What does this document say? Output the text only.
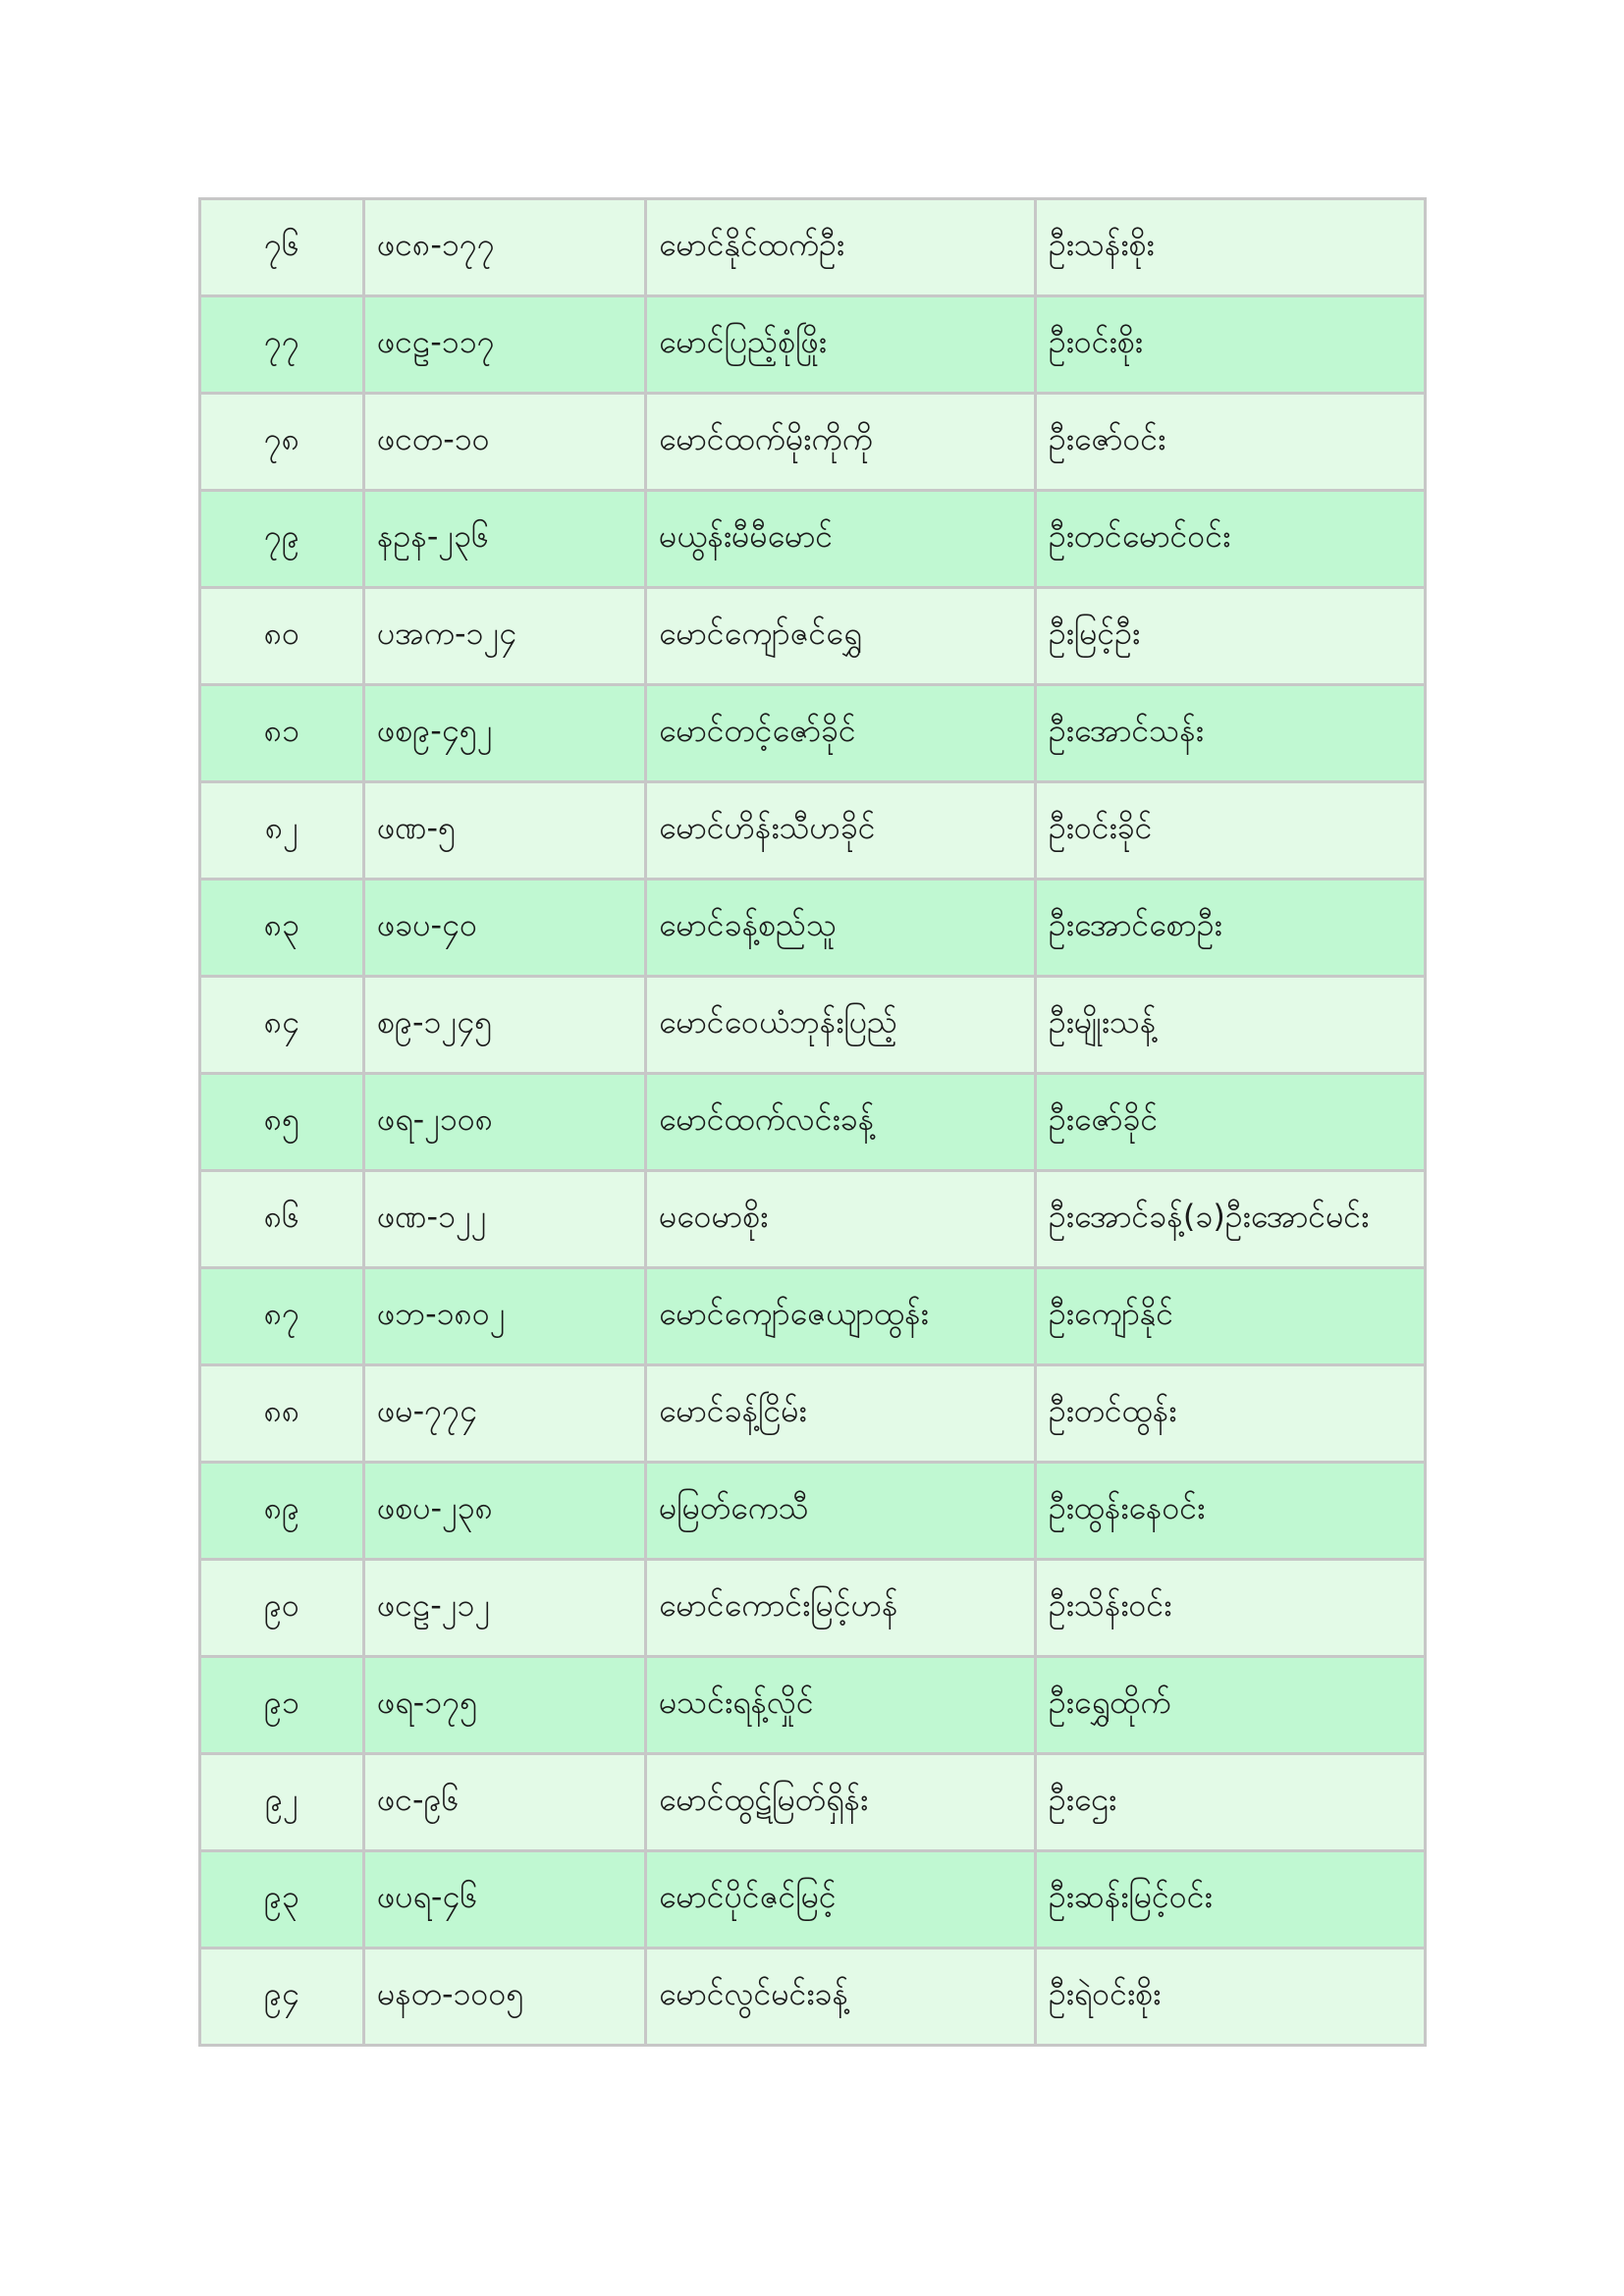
၇၆	ဖင၈-၁၇၇	မောင်နိုင်ထက်ဦး	ဦးသန်းစိုး
၇၇	ဖငဠ-၁၁၇	မောင်ပြည့်စုံဖြိုး	ဦးဝင်းစိုး
၇၈	ဖငတ-၁၀	မောင်ထက်မိုးကိုကို	ဦးဇော်ဝင်း
၇၉	နဥန-၂၃၆	မယွန်းမီမီမောင်	ဦးတင်မောင်ဝင်း
၈၀	ပအက-၁၂၄	မောင်ကျော်ဇင်ရွှေ	ဦးမြင့်ဦး
၈၁	ဖစ၉-၄၅၂	မောင်တင့်ဇော်ခိုင်	ဦးအောင်သန်း
၈၂	ဖဏ-၅	မောင်ဟိန်းသီဟခိုင်	ဦးဝင်းခိုင်
၈၃	ဖခပ-၄၀	မောင်ခန့်စည်သူ	ဦးအောင်စောဦး
၈၄	စ၉-၁၂၄၅	မောင်ဝေယံဘုန်းပြည့်	ဦးမျိုးသန့်
၈၅	ဖရ-၂၁၀၈	မောင်ထက်လင်းခန့်	ဦးဇော်ခိုင်
၈၆	ဖဏ-၁၂၂	မဝေမာစိုး	ဦးအောင်ခန့်(ခ)ဦးအောင်မင်း
၈၇	ဖဘ-၁၈၀၂	မောင်ကျော်ဇေယျာထွန်း	ဦးကျော်နိုင်
၈၈	ဖမ-၇၇၄	မောင်ခန့်ငြိမ်း	ဦးတင်ထွန်း
၈၉	ဖစပ-၂၃၈	မမြတ်ကေသီ	ဦးထွန်းနေဝင်း
၉၀	ဖငဠ-၂၁၂	မောင်ကောင်းမြင့်ဟန်	ဦးသိန်းဝင်း
၉၁	ဖရ-၁၇၅	မသင်းရန့်လှိုင်	ဦးရွှေထိုက်
၉၂	ဖင-၉၆	မောင်ထွဋ်မြတ်ရှိန်း	ဦးဌေး
၉၃	ဖပရ-၄၆	မောင်ပိုင်ဇင်မြင့်	ဦးဆန်းမြင့်ဝင်း
၉၄	မနတ-၁၀၀၅	မောင်လွင်မင်းခန့်	ဦးရဲဝင်းစိုး
